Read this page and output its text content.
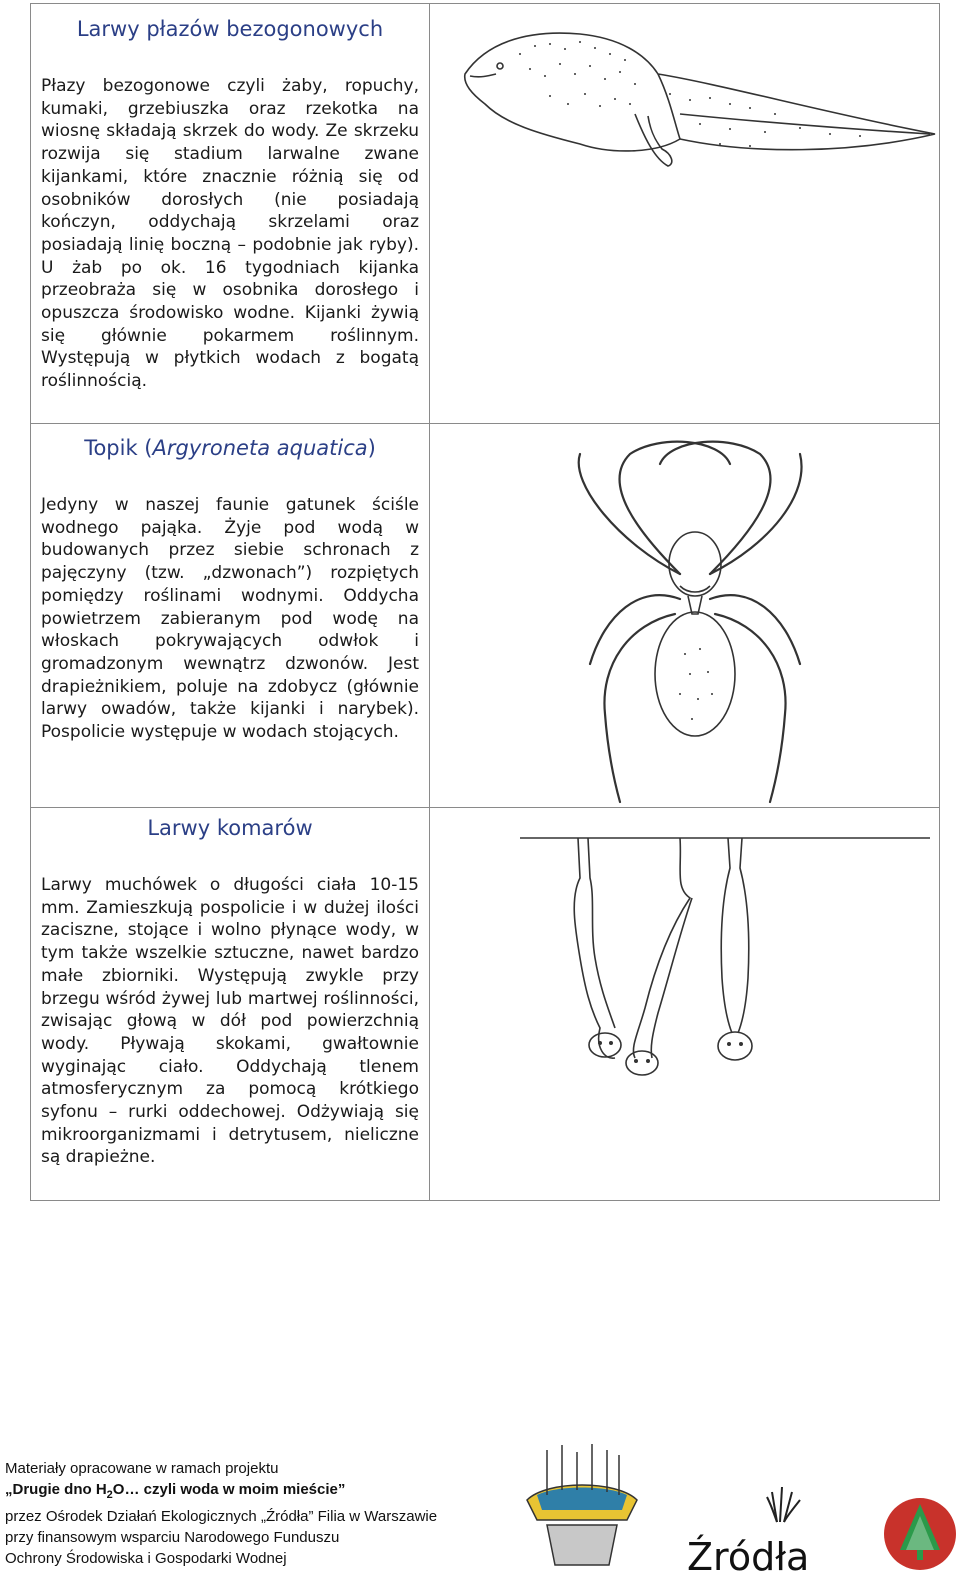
Larwy płazów bezogonowych
Płazy bezogonowe czyli żaby, ropuchy, kumaki, grzebiuszka oraz rzekotka na wiosnę składają skrzek do wody. Ze skrzeku rozwija się stadium larwalne zwane kijankami, które znacznie różnią się od osobników dorosłych (nie posiadają kończyn, oddychają skrzelami oraz posiadają linię boczną – podobnie jak ryby). U żab po ok. 16 tygodniach kijanka przeobraża się w osobnika dorosłego i opuszcza środowisko wodne. Kijanki żywią się głównie pokarmem roślinnym. Występują w płytkich wodach z bogatą roślinnością.
Topik (Argyroneta aquatica)
Jedyny w naszej faunie gatunek ściśle wodnego pająka. Żyje pod wodą w budowanych przez siebie schronach z pajęczyny (tzw. „dzwonach”) rozpiętych pomiędzy roślinami wodnymi. Oddycha powietrzem zabieranym pod wodę na włoskach pokrywających odwłok i gromadzonym wewnątrz dzwonów. Jest drapieżnikiem, poluje na zdobycz (głównie larwy owadów, także kijanki i narybek). Pospolicie występuje w wodach stojących.
Larwy komarów
Larwy muchówek o długości ciała 10-15 mm. Zamieszkują pospolicie i w dużej ilości zaciszne, stojące i wolno płynące wody, w tym także wszelkie sztuczne, nawet bardzo małe zbiorniki. Występują zwykle przy brzegu wśród żywej lub martwej roślinności, zwisając głową w dół pod powierzchnią wody. Pływają skokami, gwałtownie wyginając ciało. Oddychają tlenem atmosferycznym za pomocą krótkiego syfonu – rurki oddechowej. Odżywiają się mikroorganizmami i detrytusem, nieliczne są drapieżne.
Materiały opracowane w ramach projektu
„Drugie dno $H_2O\dots$ czyli woda w moim mieście”
przez Ośrodek Działań Ekologicznych „Źródła” Filia w Warszawie
przy finansowym wsparciu Narodowego Funduszu
Ochrony Środowiska i Gospodarki Wodnej	Źródła
